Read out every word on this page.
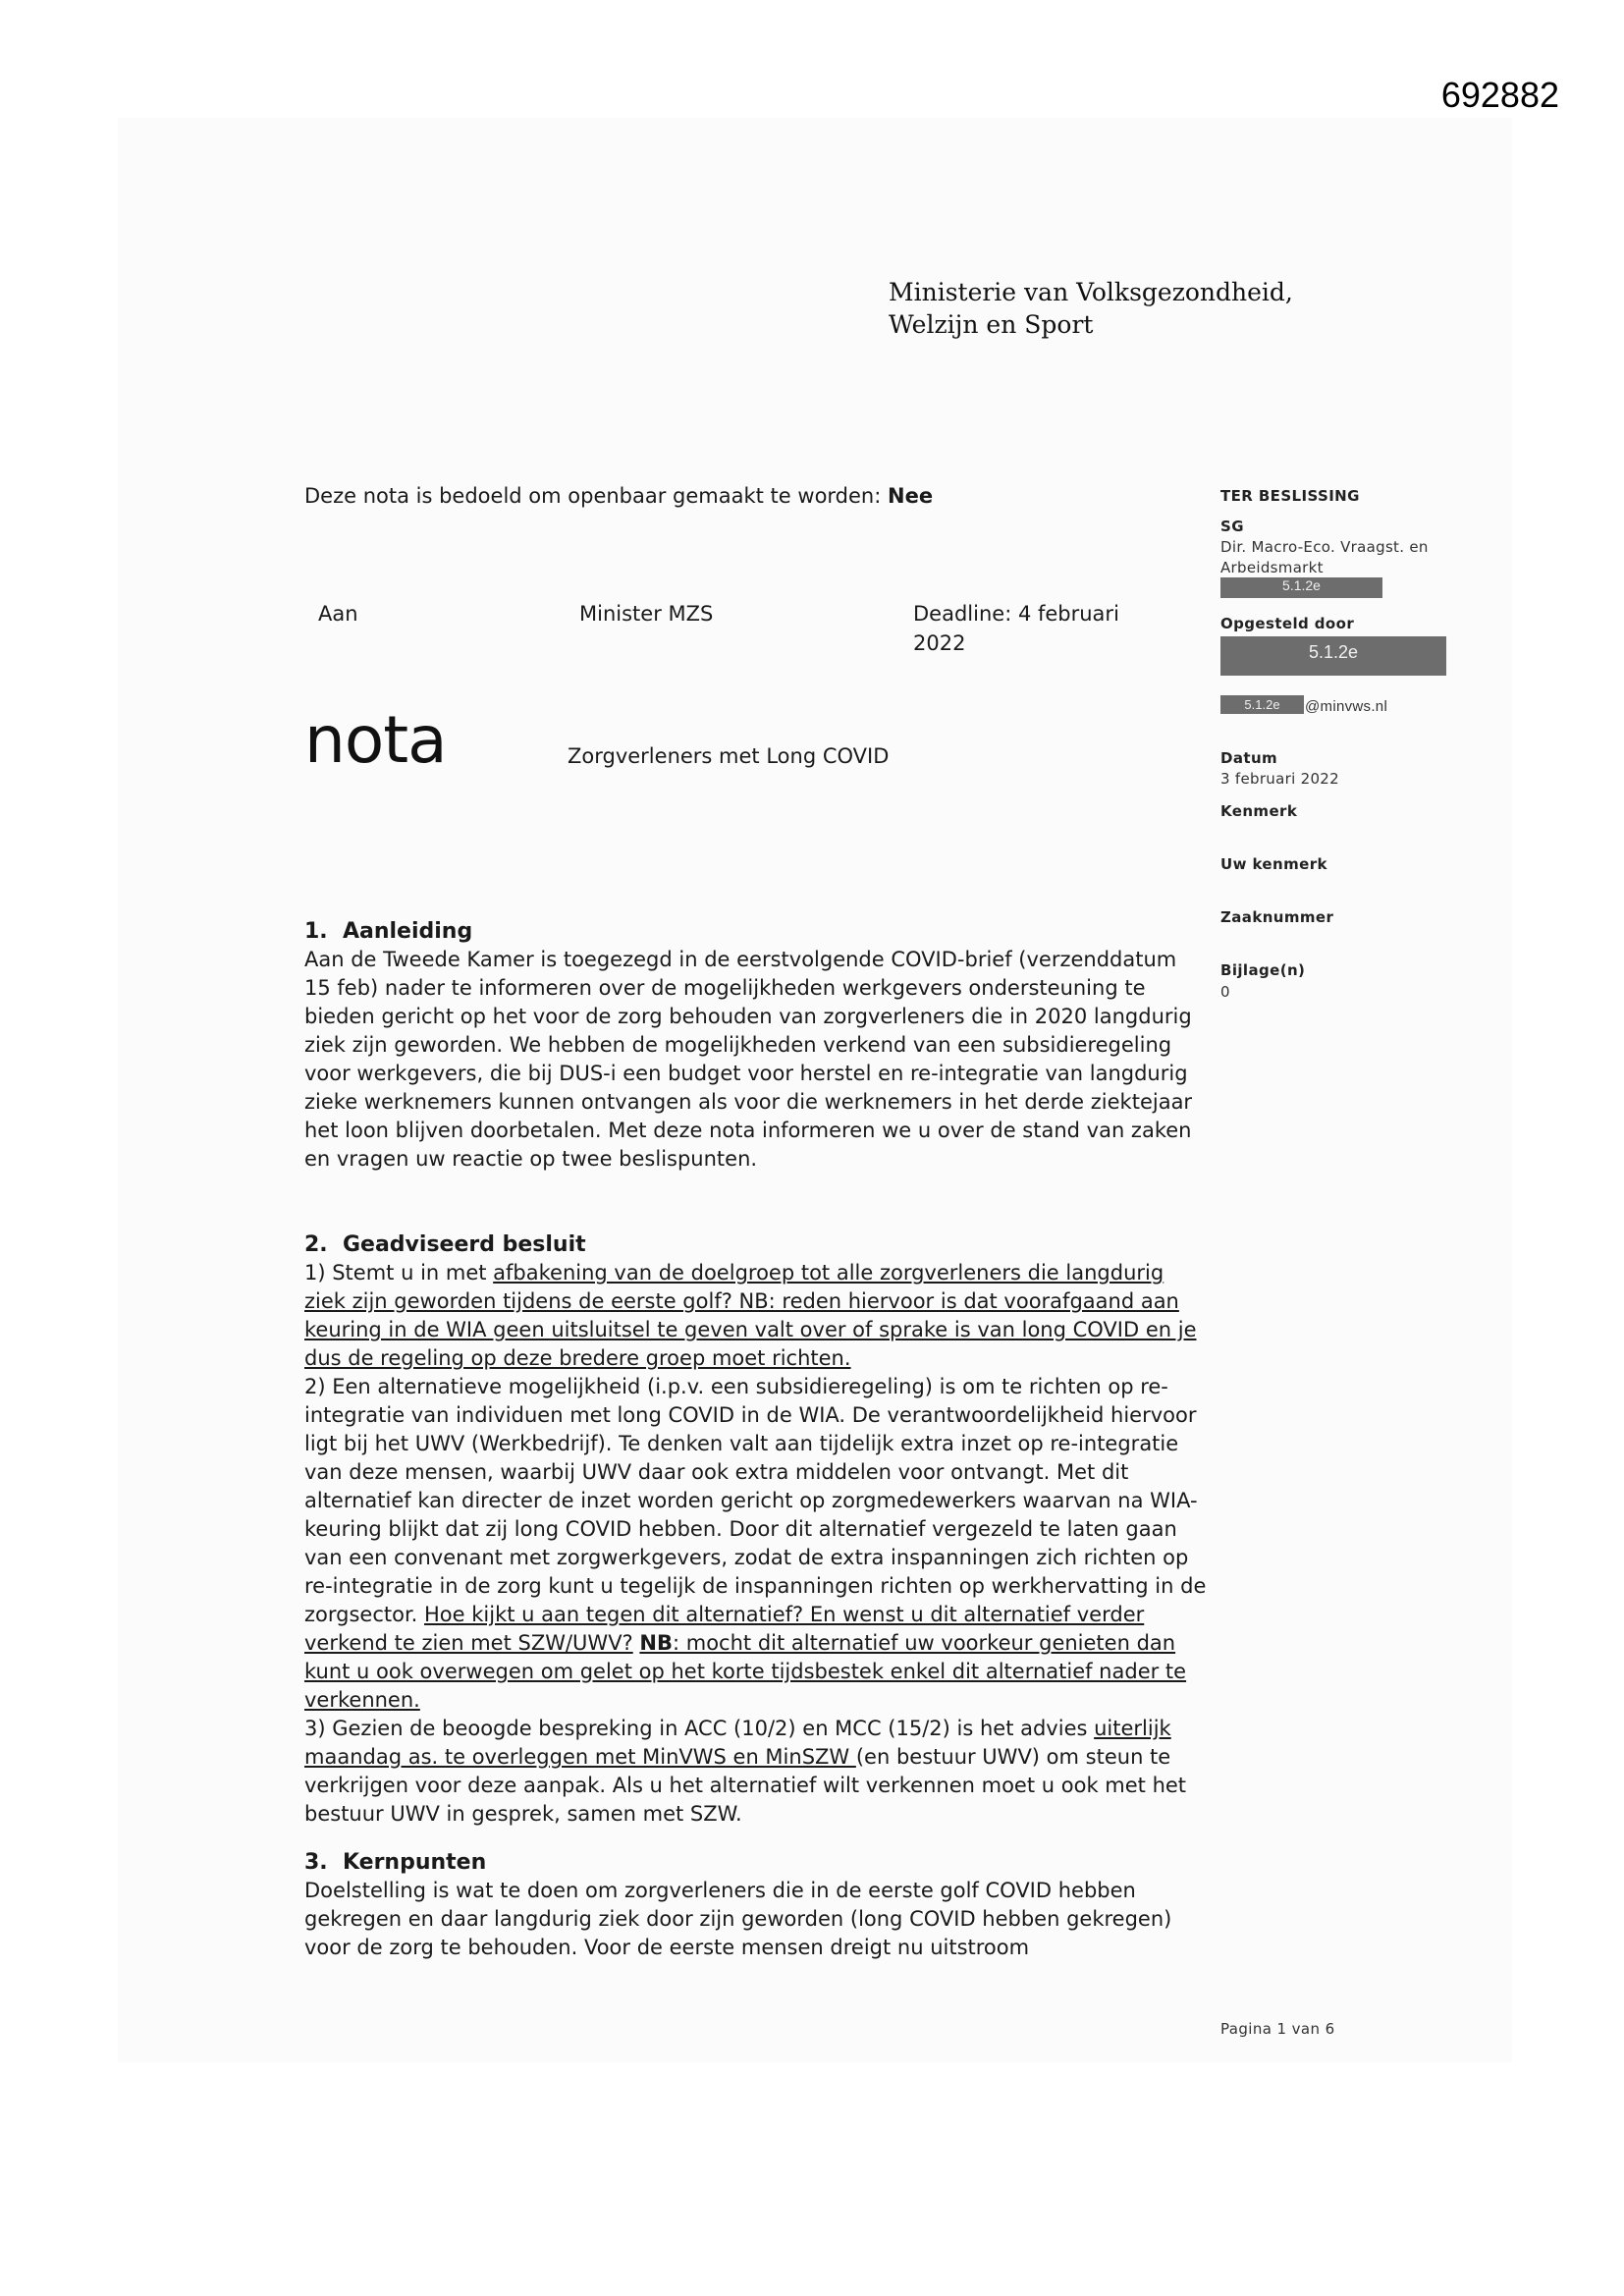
692882
Ministerie van Volksgezondheid,
Welzijn en Sport
Deze nota is bedoeld om openbaar gemaakt te worden: Nee
Aan	Minister MZS	Deadline: 4 februari 2022
nota	Zorgverleners met Long COVID
TER BESLISSING
SG
Dir. Macro-Eco. Vraagst. en Arbeidsmarkt
5.1.2e
Opgesteld door
5.1.2e
5.1.2e	@minvws.nl
Datum
3 februari 2022
Kenmerk
Uw kenmerk
Zaaknummer
Bijlage(n)
0

1.  Aanleiding

Aan de Tweede Kamer is toegezegd in de eerstvolgende COVID-brief (verzenddatum 15 feb) nader te informeren over de mogelijkheden werkgevers ondersteuning te bieden gericht op het voor de zorg behouden van zorgverleners die in 2020 langdurig ziek zijn geworden. We hebben de mogelijkheden verkend van een subsidieregeling voor werkgevers, die bij DUS-i een budget voor herstel en re-integratie van langdurig zieke werknemers kunnen ontvangen als voor die werknemers in het derde ziektejaar het loon blijven doorbetalen. Met deze nota informeren we u over de stand van zaken en vragen uw reactie op twee beslispunten.

2.  Geadviseerd besluit

1) Stemt u in met afbakening van de doelgroep tot alle zorgverleners die langdurig ziek zijn geworden tijdens de eerste golf? NB: reden hiervoor is dat voorafgaand aan keuring in de WIA geen uitsluitsel te geven valt over of sprake is van long COVID en je dus de regeling op deze bredere groep moet richten.

2) Een alternatieve mogelijkheid (i.p.v. een subsidieregeling) is om te richten op re-integratie van individuen met long COVID in de WIA. De verantwoordelijkheid hiervoor ligt bij het UWV (Werkbedrijf). Te denken valt aan tijdelijk extra inzet op re-integratie van deze mensen, waarbij UWV daar ook extra middelen voor ontvangt. Met dit alternatief kan directer de inzet worden gericht op zorgmedewerkers waarvan na WIA-keuring blijkt dat zij long COVID hebben. Door dit alternatief vergezeld te laten gaan van een convenant met zorgwerkgevers, zodat de extra inspanningen zich richten op re-integratie in de zorg kunt u tegelijk de inspanningen richten op werkhervatting in de zorgsector. Hoe kijkt u aan tegen dit alternatief? En wenst u dit alternatief verder verkend te zien met SZW/UWV? NB: mocht dit alternatief uw voorkeur genieten dan kunt u ook overwegen om gelet op het korte tijdsbestek enkel dit alternatief nader te verkennen.

3) Gezien de beoogde bespreking in ACC (10/2) en MCC (15/2) is het advies uiterlijk maandag as. te overleggen met MinVWS en MinSZW (en bestuur UWV) om steun te verkrijgen voor deze aanpak. Als u het alternatief wilt verkennen moet u ook met het bestuur UWV in gesprek, samen met SZW.

3.  Kernpunten

Doelstelling is wat te doen om zorgverleners die in de eerste golf COVID hebben gekregen en daar langdurig ziek door zijn geworden (long COVID hebben gekregen) voor de zorg te behouden. Voor de eerste mensen dreigt nu uitstroom

Pagina 1 van 6
